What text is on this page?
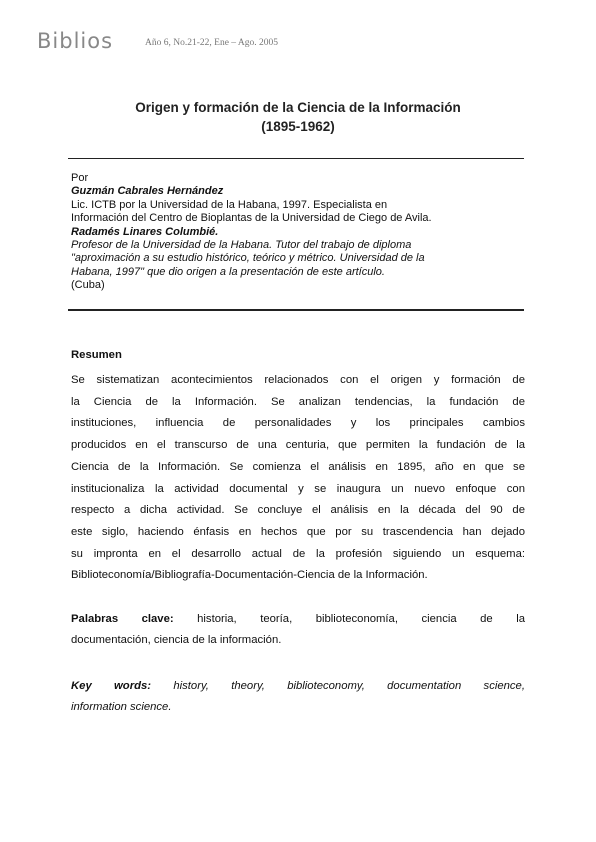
Biblios	Año 6, No.21-22, Ene – Ago. 2005
Origen y formación de la Ciencia de la Información
(1895-1962)
Por
Guzmán Cabrales Hernández
Lic. ICTB por la Universidad de la Habana, 1997. Especialista en
Información del Centro de Bioplantas de la Universidad de Ciego de Avila.
Radamés Linares Columbié.
Profesor de la Universidad de la Habana. Tutor del trabajo de diploma
"aproximación a su estudio histórico, teórico y métrico. Universidad de la
Habana, 1997" que dio origen a la presentación de este artículo.
(Cuba)
Resumen
Se sistematizan acontecimientos relacionados con el origen y formación de
la Ciencia de la Información. Se analizan tendencias, la fundación de
instituciones, influencia de personalidades y los principales cambios
producidos en el transcurso de una centuria, que permiten la fundación de la
Ciencia de la Información. Se comienza el análisis en 1895, año en que se
institucionaliza la actividad documental y se inaugura un nuevo enfoque con
respecto a dicha actividad. Se concluye el análisis en la década del 90 de
este siglo, haciendo énfasis en hechos que por su trascendencia han dejado
su impronta en el desarrollo actual de la profesión siguiendo un esquema:
Biblioteconomía/Bibliografía-Documentación-Ciencia de la Información.
Palabras clave: historia, teoría, biblioteconomía, ciencia de la
documentación, ciencia de la información.
Key words: history, theory, biblioteconomy, documentation science,
information science.
